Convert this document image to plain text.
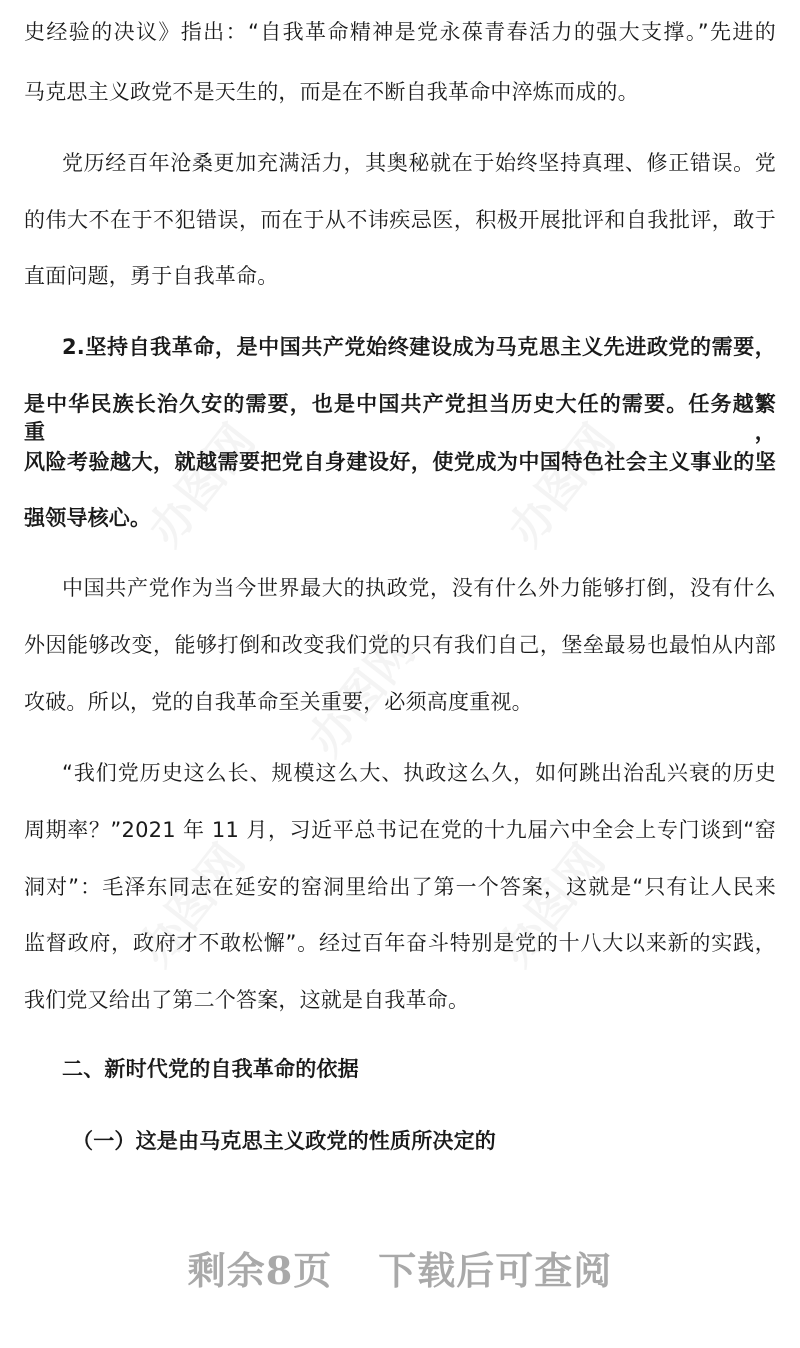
史经验的决议》指出：“自我革命精神是党永葆青春活力的强大支撑。”先进的
马克思主义政党不是天生的，而是在不断自我革命中淬炼而成的。
党历经百年沧桑更加充满活力，其奥秘就在于始终坚持真理、修正错误。党
的伟大不在于不犯错误，而在于从不讳疾忌医，积极开展批评和自我批评，敢于
直面问题，勇于自我革命。
2.坚持自我革命，是中国共产党始终建设成为马克思主义先进政党的需要，
是中华民族长治久安的需要，也是中国共产党担当历史大任的需要。任务越繁重，
风险考验越大，就越需要把党自身建设好，使党成为中国特色社会主义事业的坚
强领导核心。
中国共产党作为当今世界最大的执政党，没有什么外力能够打倒，没有什么
外因能够改变，能够打倒和改变我们党的只有我们自己，堡垒最易也最怕从内部
攻破。所以，党的自我革命至关重要，必须高度重视。
“我们党历史这么长、规模这么大、执政这么久，如何跳出治乱兴衰的历史
周期率？”2021 年 11 月，习近平总书记在党的十九届六中全会上专门谈到“窑
洞对”：毛泽东同志在延安的窑洞里给出了第一个答案，这就是“只有让人民来
监督政府，政府才不敢松懈”。经过百年奋斗特别是党的十八大以来新的实践，
我们党又给出了第二个答案，这就是自我革命。
二、新时代党的自我革命的依据
（一）这是由马克思主义政党的性质所决定的
剩余8页 下载后可查阅
